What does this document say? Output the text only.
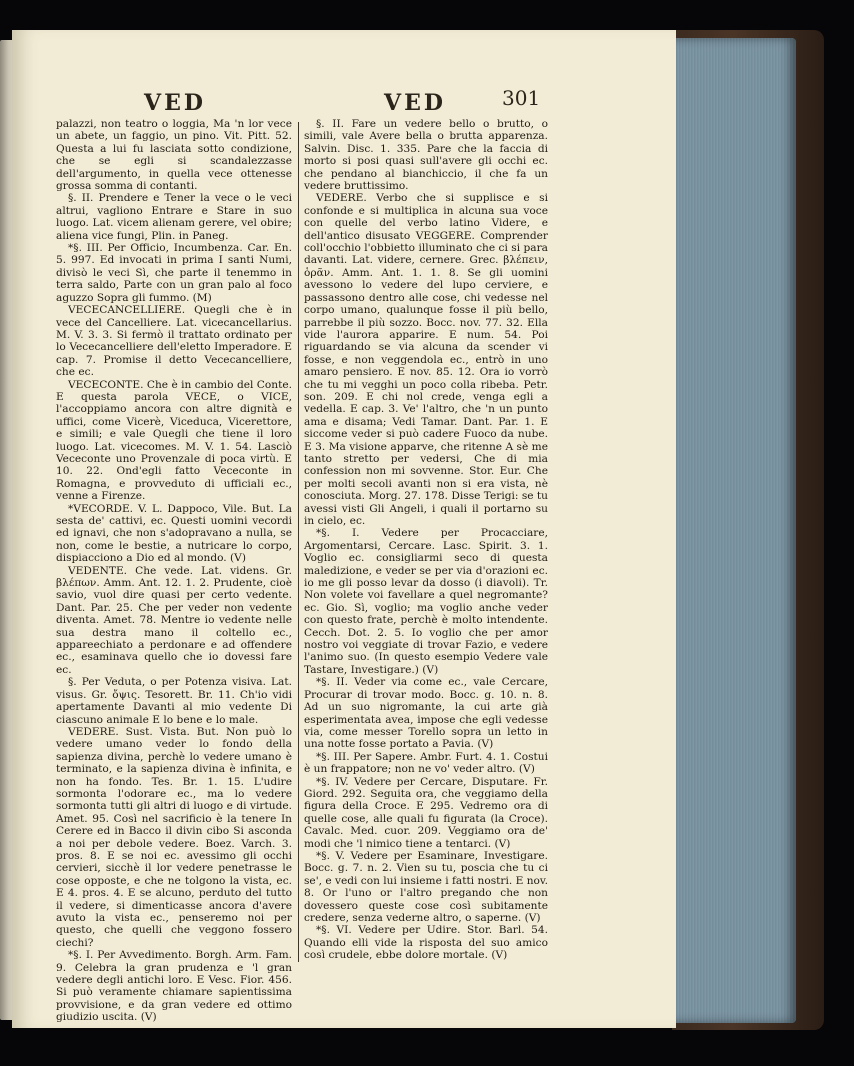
VED	VED	301

palazzi, non teatro o loggia, Ma 'n lor vece un abete, un faggio, un pino. Vit. Pitt. 52. Questa a lui fu lasciata sotto condizione, che se egli si scandalezzasse dell'argumento, in quella vece ottenesse grossa somma di contanti.

§. II. Prendere e Tener la vece o le veci altrui, vagliono Entrare e Stare in suo luogo. Lat. vicem alienam gerere, vel obire; aliena vice fungi, Plin. in Paneg.

*§. III. Per Officio, Incumbenza. Car. En. 5. 997. Ed invocati in prima I santi Numi, divisò le veci Sì, che parte il tenemmo in terra saldo, Parte con un gran palo al foco aguzzo Sopra gli fummo. (M)

VECECANCELLIERE. Quegli che è in vece del Cancelliere. Lat. vicecancellarius. M. V. 3. 3. Si fermò il trattato ordinato per lo Vececancelliere dell'eletto Imperadore. E cap. 7. Promise il detto Vececancelliere, che ec.

VECECONTE. Che è in cambio del Conte. E questa parola VECE, o VICE, l'accoppiamo ancora con altre dignità e uffici, come Vicerè, Viceduca, Vicerettore, e simili; e vale Quegli che tiene il loro luogo. Lat. vicecomes. M. V. 1. 54. Lasciò Vececonte uno Provenzale di poca virtù. E 10. 22. Ond'egli fatto Vececonte in Romagna, e provveduto di ufficiali ec., venne a Firenze.

*VECORDE. V. L. Dappoco, Vile. But. La sesta de' cattivi, ec. Questi uomini vecordi ed ignavi, che non s'adopravano a nulla, se non, come le bestie, a nutricare lo corpo, dispiacciono a Dio ed al mondo. (V)

VEDENTE. Che vede. Lat. videns. Gr. βλέπων. Amm. Ant. 12. 1. 2. Prudente, cioè savio, vuol dire quasi per certo vedente. Dant. Par. 25. Che per veder non vedente diventa. Amet. 78. Mentre io vedente nelle sua destra mano il coltello ec., appareechiato a perdonare e ad offendere ec., esaminava quello che io dovessi fare ec.

§. Per Veduta, o per Potenza visiva. Lat. visus. Gr. ὄψις. Tesorett. Br. 11. Ch'io vidi apertamente Davanti al mio vedente Di ciascuno animale E lo bene e lo male.

VEDERE. Sust. Vista. But. Non può lo vedere umano veder lo fondo della sapienza divina, perchè lo vedere umano è terminato, e la sapienza divina è infinita, e non ha fondo. Tes. Br. 1. 15. L'udire sormonta l'odorare ec., ma lo vedere sormonta tutti gli altri di luogo e di virtude. Amet. 95. Così nel sacrificio è la tenere In Cerere ed in Bacco il divin cibo Si asconda a noi per debole vedere. Boez. Varch. 3. pros. 8. E se noi ec. avessimo gli occhi cervieri, sicchè il lor vedere penetrasse le cose opposte, e che ne tolgono la vista, ec. E 4. pros. 4. E se alcuno, perduto del tutto il vedere, si dimenticasse ancora d'avere avuto la vista ec., penseremo noi per questo, che quelli che veggono fossero ciechi?

*§. I. Per Avvedimento. Borgh. Arm. Fam. 9. Celebra la gran prudenza e 'l gran vedere degli antichi loro. E Vesc. Fior. 456. Si può veramente chiamare sapientissima provvisione, e da gran vedere ed ottimo giudizio uscita. (V)

§. II. Fare un vedere bello o brutto, o simili, vale Avere bella o brutta apparenza. Salvin. Disc. 1. 335. Pare che la faccia di morto si posi quasi sull'avere gli occhi ec. che pendano al bianchiccio, il che fa un vedere bruttissimo.

VEDERE. Verbo che si supplisce e si confonde e si multiplica in alcuna sua voce con quelle del verbo latino Videre, e dell'antico disusato VEGGERE. Comprender coll'occhio l'obbietto illuminato che ci si para davanti. Lat. videre, cernere. Grec. βλέπειν, ὁρᾶν. Amm. Ant. 1. 1. 8. Se gli uomini avessono lo vedere del lupo cerviere, e passassono dentro alle cose, chi vedesse nel corpo umano, qualunque fosse il più bello, parrebbe il più sozzo. Bocc. nov. 77. 32. Ella vide l'aurora apparire. E num. 54. Poi riguardando se via alcuna da scender vi fosse, e non veggendola ec., entrò in uno amaro pensiero. E nov. 85. 12. Ora io vorrò che tu mi vegghi un poco colla ribeba. Petr. son. 209. E chi nol crede, venga egli a vedella. E cap. 3. Ve' l'altro, che 'n un punto ama e disama; Vedi Tamar. Dant. Par. 1. E siccome veder si può cadere Fuoco da nube. E 3. Ma visione apparve, che ritenne A sè me tanto stretto per vedersi, Che di mia confession non mi sovvenne. Stor. Eur. Che per molti secoli avanti non si era vista, nè conosciuta. Morg. 27. 178. Disse Terigi: se tu avessi visti Gli Angeli, i quali il portarno su in cielo, ec.

*§. I. Vedere per Procacciare, Argomentarsi, Cercare. Lasc. Spirit. 3. 1. Voglio ec. consigliarmi seco di questa maledizione, e veder se per via d'orazioni ec. io me gli posso levar da dosso (i diavoli). Tr. Non volete voi favellare a quel negromante? ec. Gio. Sì, voglio; ma voglio anche veder con questo frate, perchè è molto intendente. Cecch. Dot. 2. 5. Io voglio che per amor nostro voi veggiate di trovar Fazio, e vedere l'animo suo. (In questo esempio Vedere vale Tastare, Investigare.) (V)

*§. II. Veder via come ec., vale Cercare, Procurar di trovar modo. Bocc. g. 10. n. 8. Ad un suo nigromante, la cui arte già esperimentata avea, impose che egli vedesse via, come messer Torello sopra un letto in una notte fosse portato a Pavia. (V)

*§. III. Per Sapere. Ambr. Furt. 4. 1. Costui è un frappatore; non ne vo' veder altro. (V)

*§. IV. Vedere per Cercare, Disputare. Fr. Giord. 292. Seguita ora, che veggiamo della figura della Croce. E 295. Vedremo ora di quelle cose, alle quali fu figurata (la Croce). Cavalc. Med. cuor. 209. Veggiamo ora de' modi che 'l nimico tiene a tentarci. (V)

*§. V. Vedere per Esaminare, Investigare. Bocc. g. 7. n. 2. Vien su tu, poscia che tu ci se', e vedi con lui insieme i fatti nostri. E nov. 8. Or l'uno or l'altro pregando che non dovessero queste cose così subitamente credere, senza vederne altro, o saperne. (V)

*§. VI. Vedere per Udire. Stor. Barl. 54. Quando elli vide la risposta del suo amico così crudele, ebbe dolore mortale. (V)
